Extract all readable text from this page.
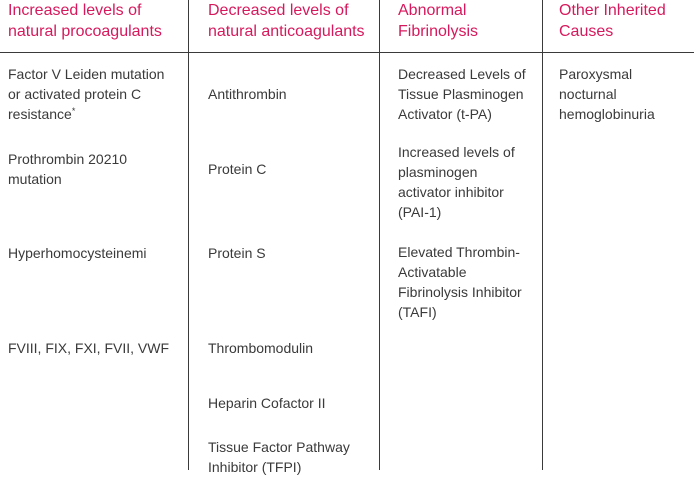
Increased levels of
natural procoagulants
Decreased levels of
natural anticoagulants
Abnormal
Fibrinolysis
Other Inherited
Causes
Factor V Leiden mutation
or activated protein C
resistance*
Prothrombin 20210
mutation
Hyperhomocysteinemi
FVIII, FIX, FXI, FVII, VWF
Antithrombin
Protein C
Protein S
Thrombomodulin
Heparin Cofactor II
Tissue Factor Pathway
Inhibitor (TFPI)
Decreased Levels of
Tissue Plasminogen
Activator (t-PA)
Increased levels of
plasminogen
activator inhibitor
(PAI-1)
Elevated Thrombin-
Activatable
Fibrinolysis Inhibitor
(TAFI)
Paroxysmal
nocturnal
hemoglobinuria
